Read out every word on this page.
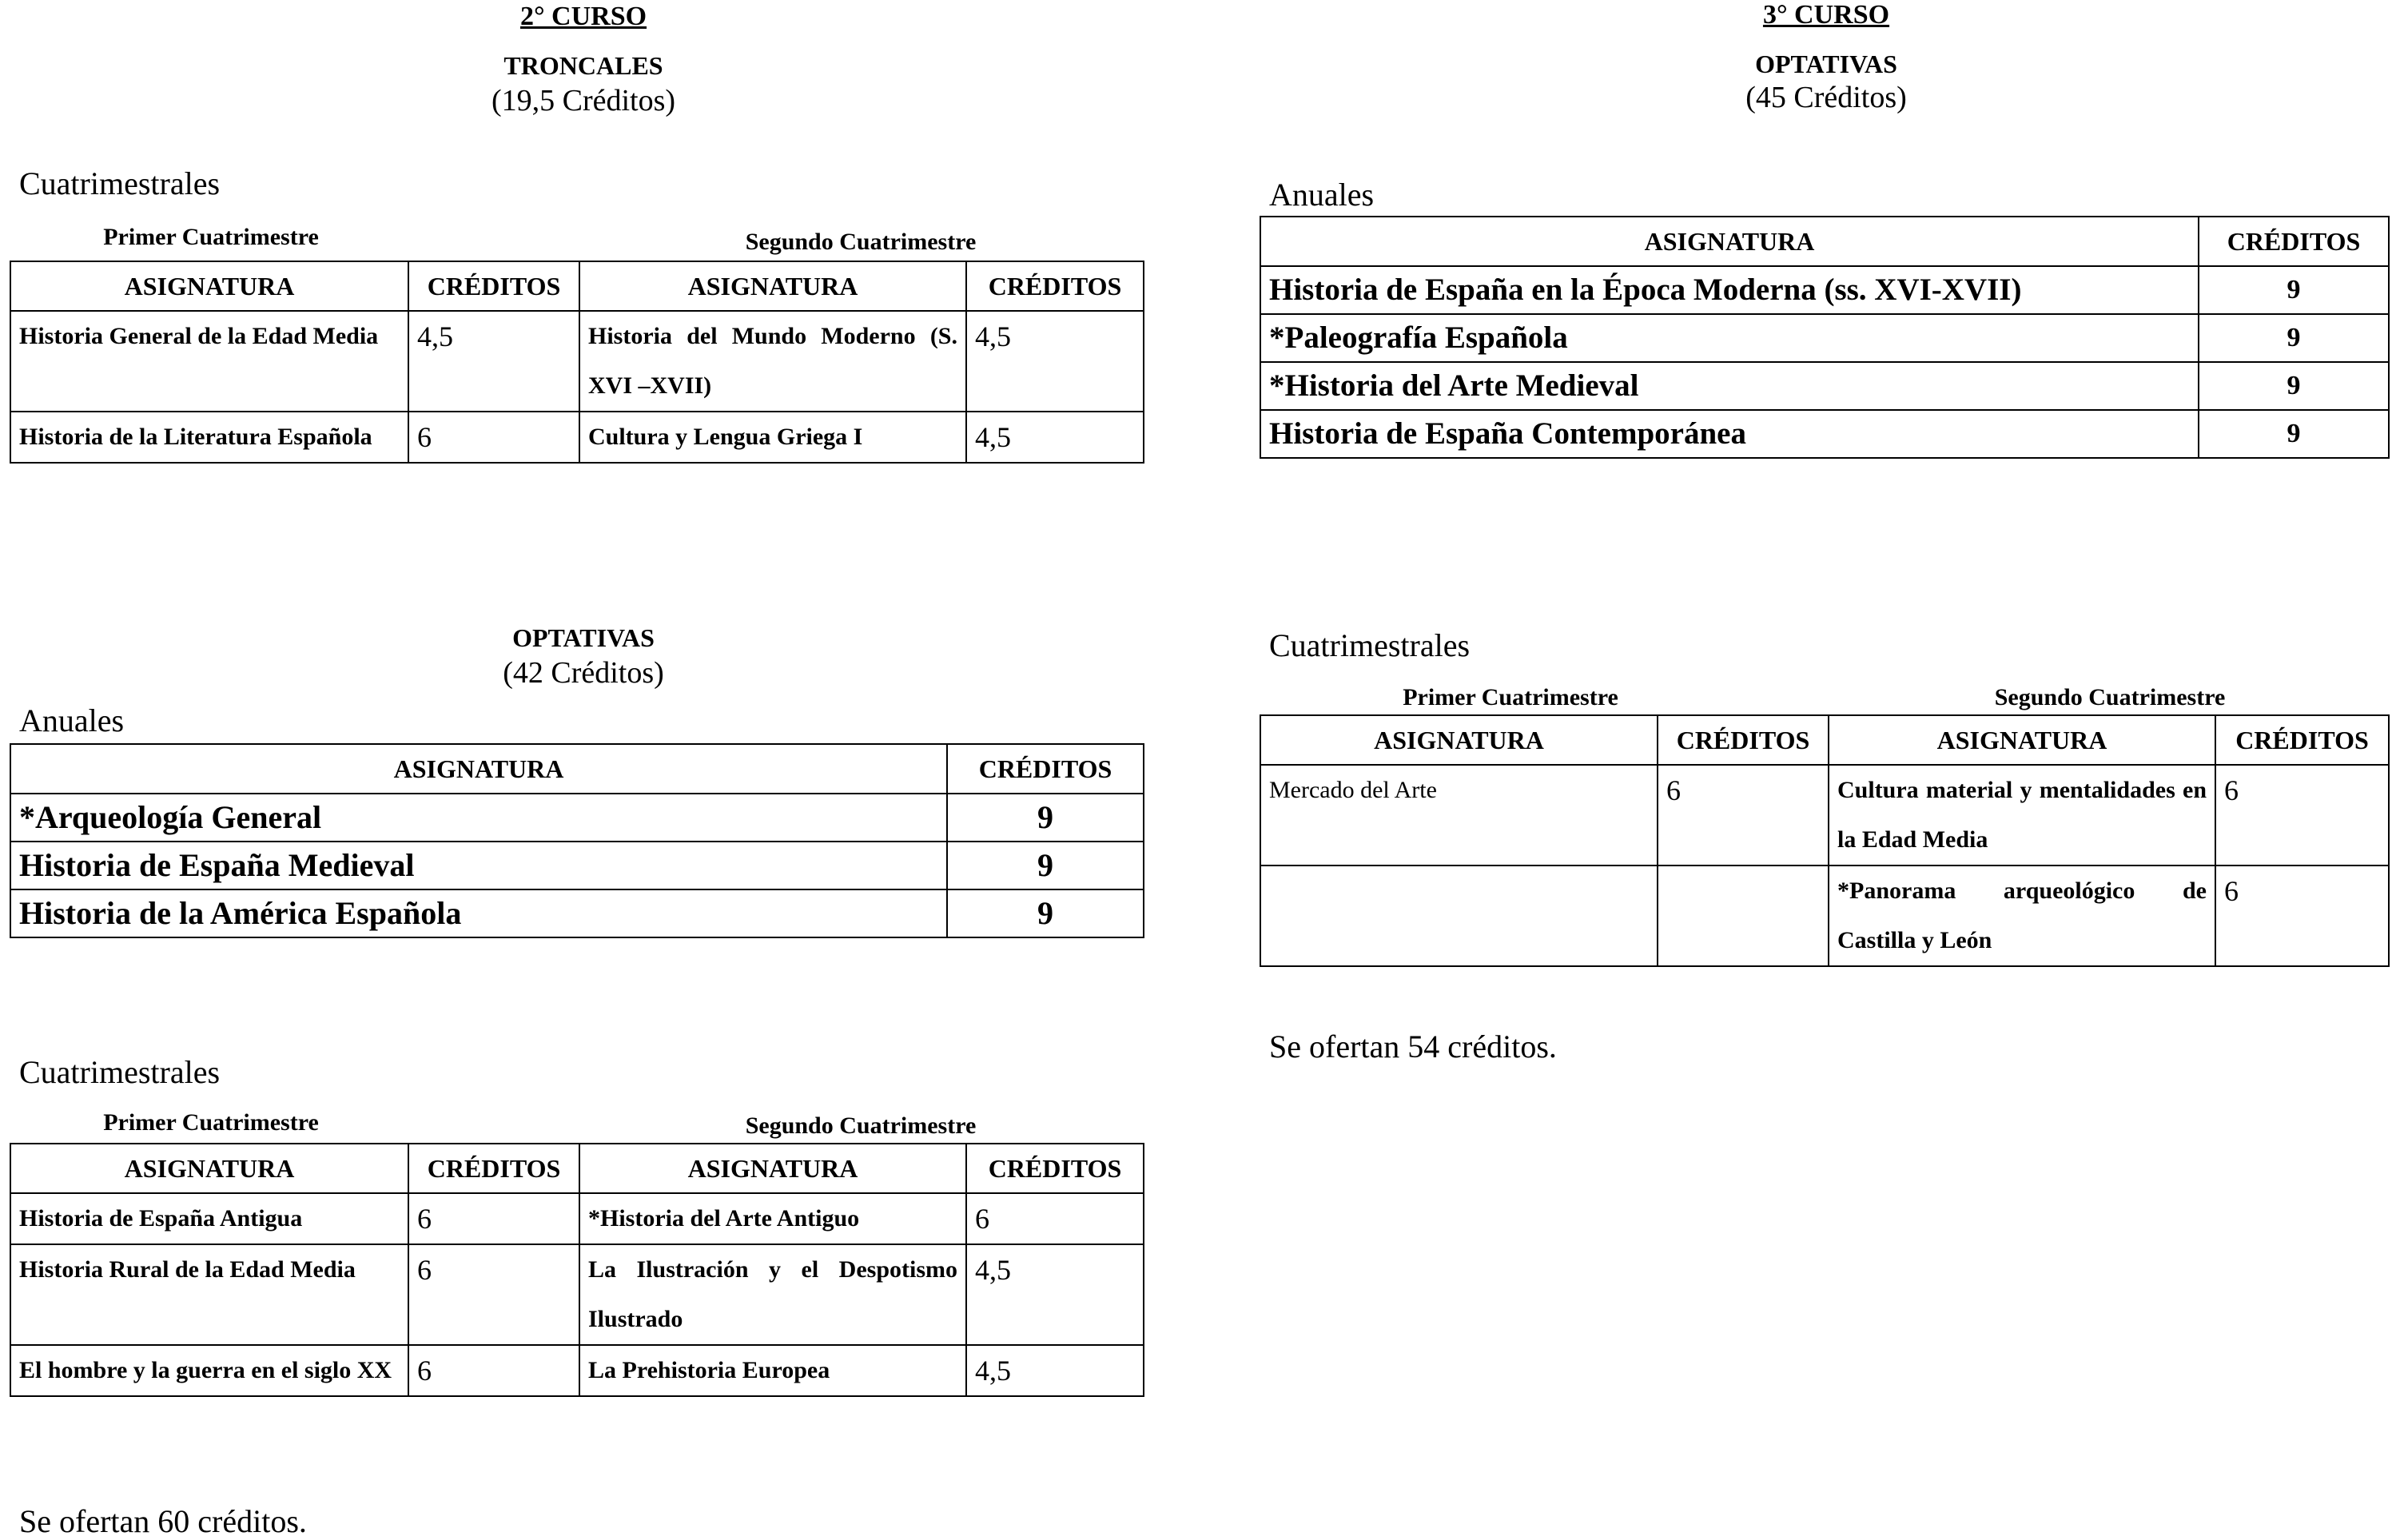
2° CURSO
TRONCALES
(19,5 Créditos)
Cuatrimestrales
Primer Cuatrimestre	Segundo Cuatrimestre
ASIGNATURA	CRÉDITOS	ASIGNATURA	CRÉDITOS
Historia General de la Edad Media	4,5	Historia del Mundo Moderno (S. XVI –XVII)	4,5
Historia de la Literatura Española	6	Cultura y Lengua Griega I	4,5
OPTATIVAS
(42 Créditos)
Anuales
ASIGNATURA	CRÉDITOS
*Arqueología General	9
Historia de España Medieval	9
Historia de la América Española	9
Cuatrimestrales
Primer Cuatrimestre	Segundo Cuatrimestre
ASIGNATURA	CRÉDITOS	ASIGNATURA	CRÉDITOS
Historia de España Antigua	6	*Historia del Arte Antiguo	6
Historia Rural de la Edad Media	6	La Ilustración y el Despotismo Ilustrado	4,5
El hombre y la guerra en el siglo XX	6	La Prehistoria Europea	4,5
Se ofertan 60 créditos.
3° CURSO
OPTATIVAS
(45 Créditos)
Anuales
ASIGNATURA	CRÉDITOS
Historia de España en la Época Moderna (ss. XVI-XVII)	9
*Paleografía Española	9
*Historia del Arte Medieval	9
Historia de España Contemporánea	9
Cuatrimestrales
Primer Cuatrimestre	Segundo Cuatrimestre
ASIGNATURA	CRÉDITOS	ASIGNATURA	CRÉDITOS
Mercado del Arte	6	Cultura material y mentalidades en la Edad Media	6
		*Panorama arqueológico de Castilla y León	6
Se ofertan 54 créditos.
